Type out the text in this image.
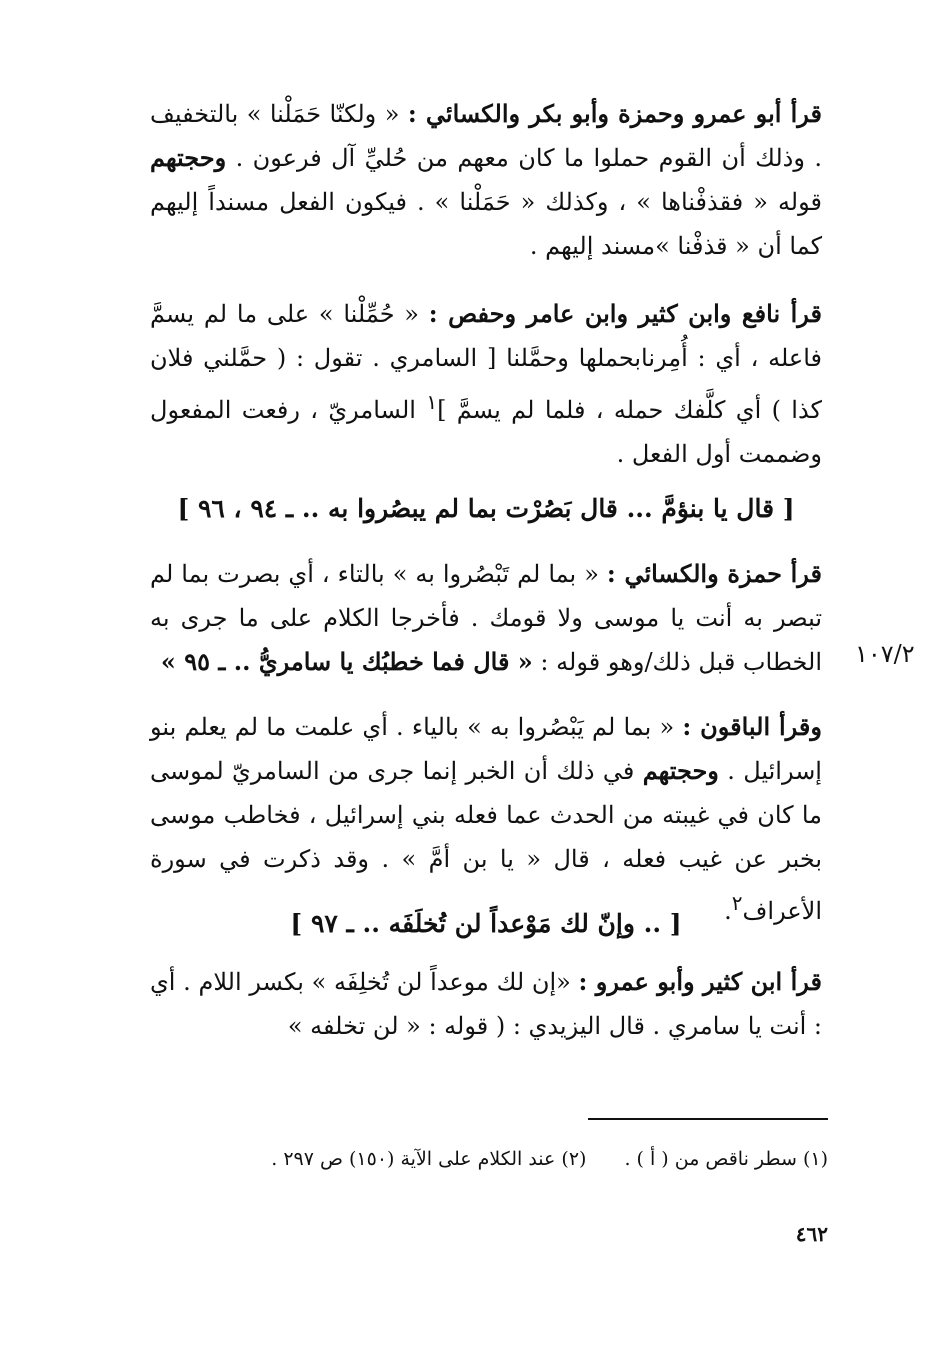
قرأ أبو عمرو وحمزة وأبو بكر والكسائي : « ولكنّا حَمَلْنا » بالتخفيف . وذلك أن القوم حملوا ما كان معهم من حُليِّ آل فرعون . وحجتهم قوله « فقذفْناها » ، وكذلك « حَمَلْنا » . فيكون الفعل مسنداً إليهم كما أن « قذفْنا »مسند إليهم .
قرأ نافع وابن كثير وابن عامر وحفص : « حُمِّلْنا » على ما لم يسمَّ فاعله ، أي : أُمِرنابحملها وحمَّلنا [ السامري . تقول : ( حمَّلني فلان كذا ) أي كلَّفك حمله ، فلما لم يسمَّ ]$^١$ السامريّ ، رفعت المفعول وضممت أول الفعل .
[ قال يا بنؤمَّ ... قال بَصُرْت بما لم يبصُروا به .. ـ ٩٤ ، ٩٦ ]
قرأ حمزة والكسائي : « بما لم تَبْصُروا به » بالتاء ، أي بصرت بما لم تبصر به أنت يا موسى ولا قومك . فأخرجا الكلام على ما جرى به الخطاب قبل ذلك/وهو قوله : « قال فما خطبُك يا سامريُّ .. ـ ٩٥ »	١٠٧/٢
وقرأ الباقون : « بما لم يَبْصُروا به » بالياء . أي علمت ما لم يعلم بنو إسرائيل . وحجتهم في ذلك أن الخبر إنما جرى من السامريّ لموسى ما كان في غيبته من الحدث عما فعله بني إسرائيل ، فخاطب موسى بخبر عن غيب فعله ، قال « يا بن أمَّ » . وقد ذكرت في سورة الأعراف$^٢$.
[ .. وإنّ لك مَوْعداً لن تُخلَفَه .. ـ ٩٧ ]
قرأ ابن كثير وأبو عمرو : «إن لك موعداً لن تُخلِفَه » بكسر اللام . أي : أنت يا سامري . قال اليزيدي : ( قوله : « لن تخلفه »
(١) سطر ناقص من ( أ ) .(٢) عند الكلام على الآية (١٥٠) ص ٢٩٧ .
٤٦٢
